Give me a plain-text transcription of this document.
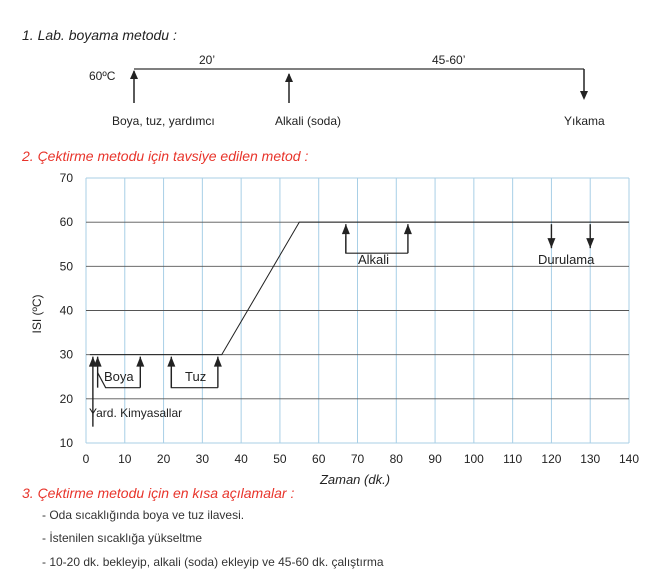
1. Lab. boyama metodu :
60ºC
20’	45-60’
Boya, tuz, yardımcı	Alkali (soda)	Yıkama
2. Çektirme metodu için tavsiye edilen metod :
10
20
30
40
50
60
70
0 10 20 30 40 50 60 70 80 90 100 110 120 130 140
Yard. Kimyasallar
Boya	Tuz
Alkali	Durulama
Zaman (dk.)
ISI (ºC)
3. Çektirme metodu için en kısa açılamalar :
- Oda sıcaklığında boya ve tuz ilavesi.
- İstenilen sıcaklığa yükseltme
- 10-20 dk. bekleyip, alkali (soda) ekleyip ve 45-60 dk. çalıştırma
